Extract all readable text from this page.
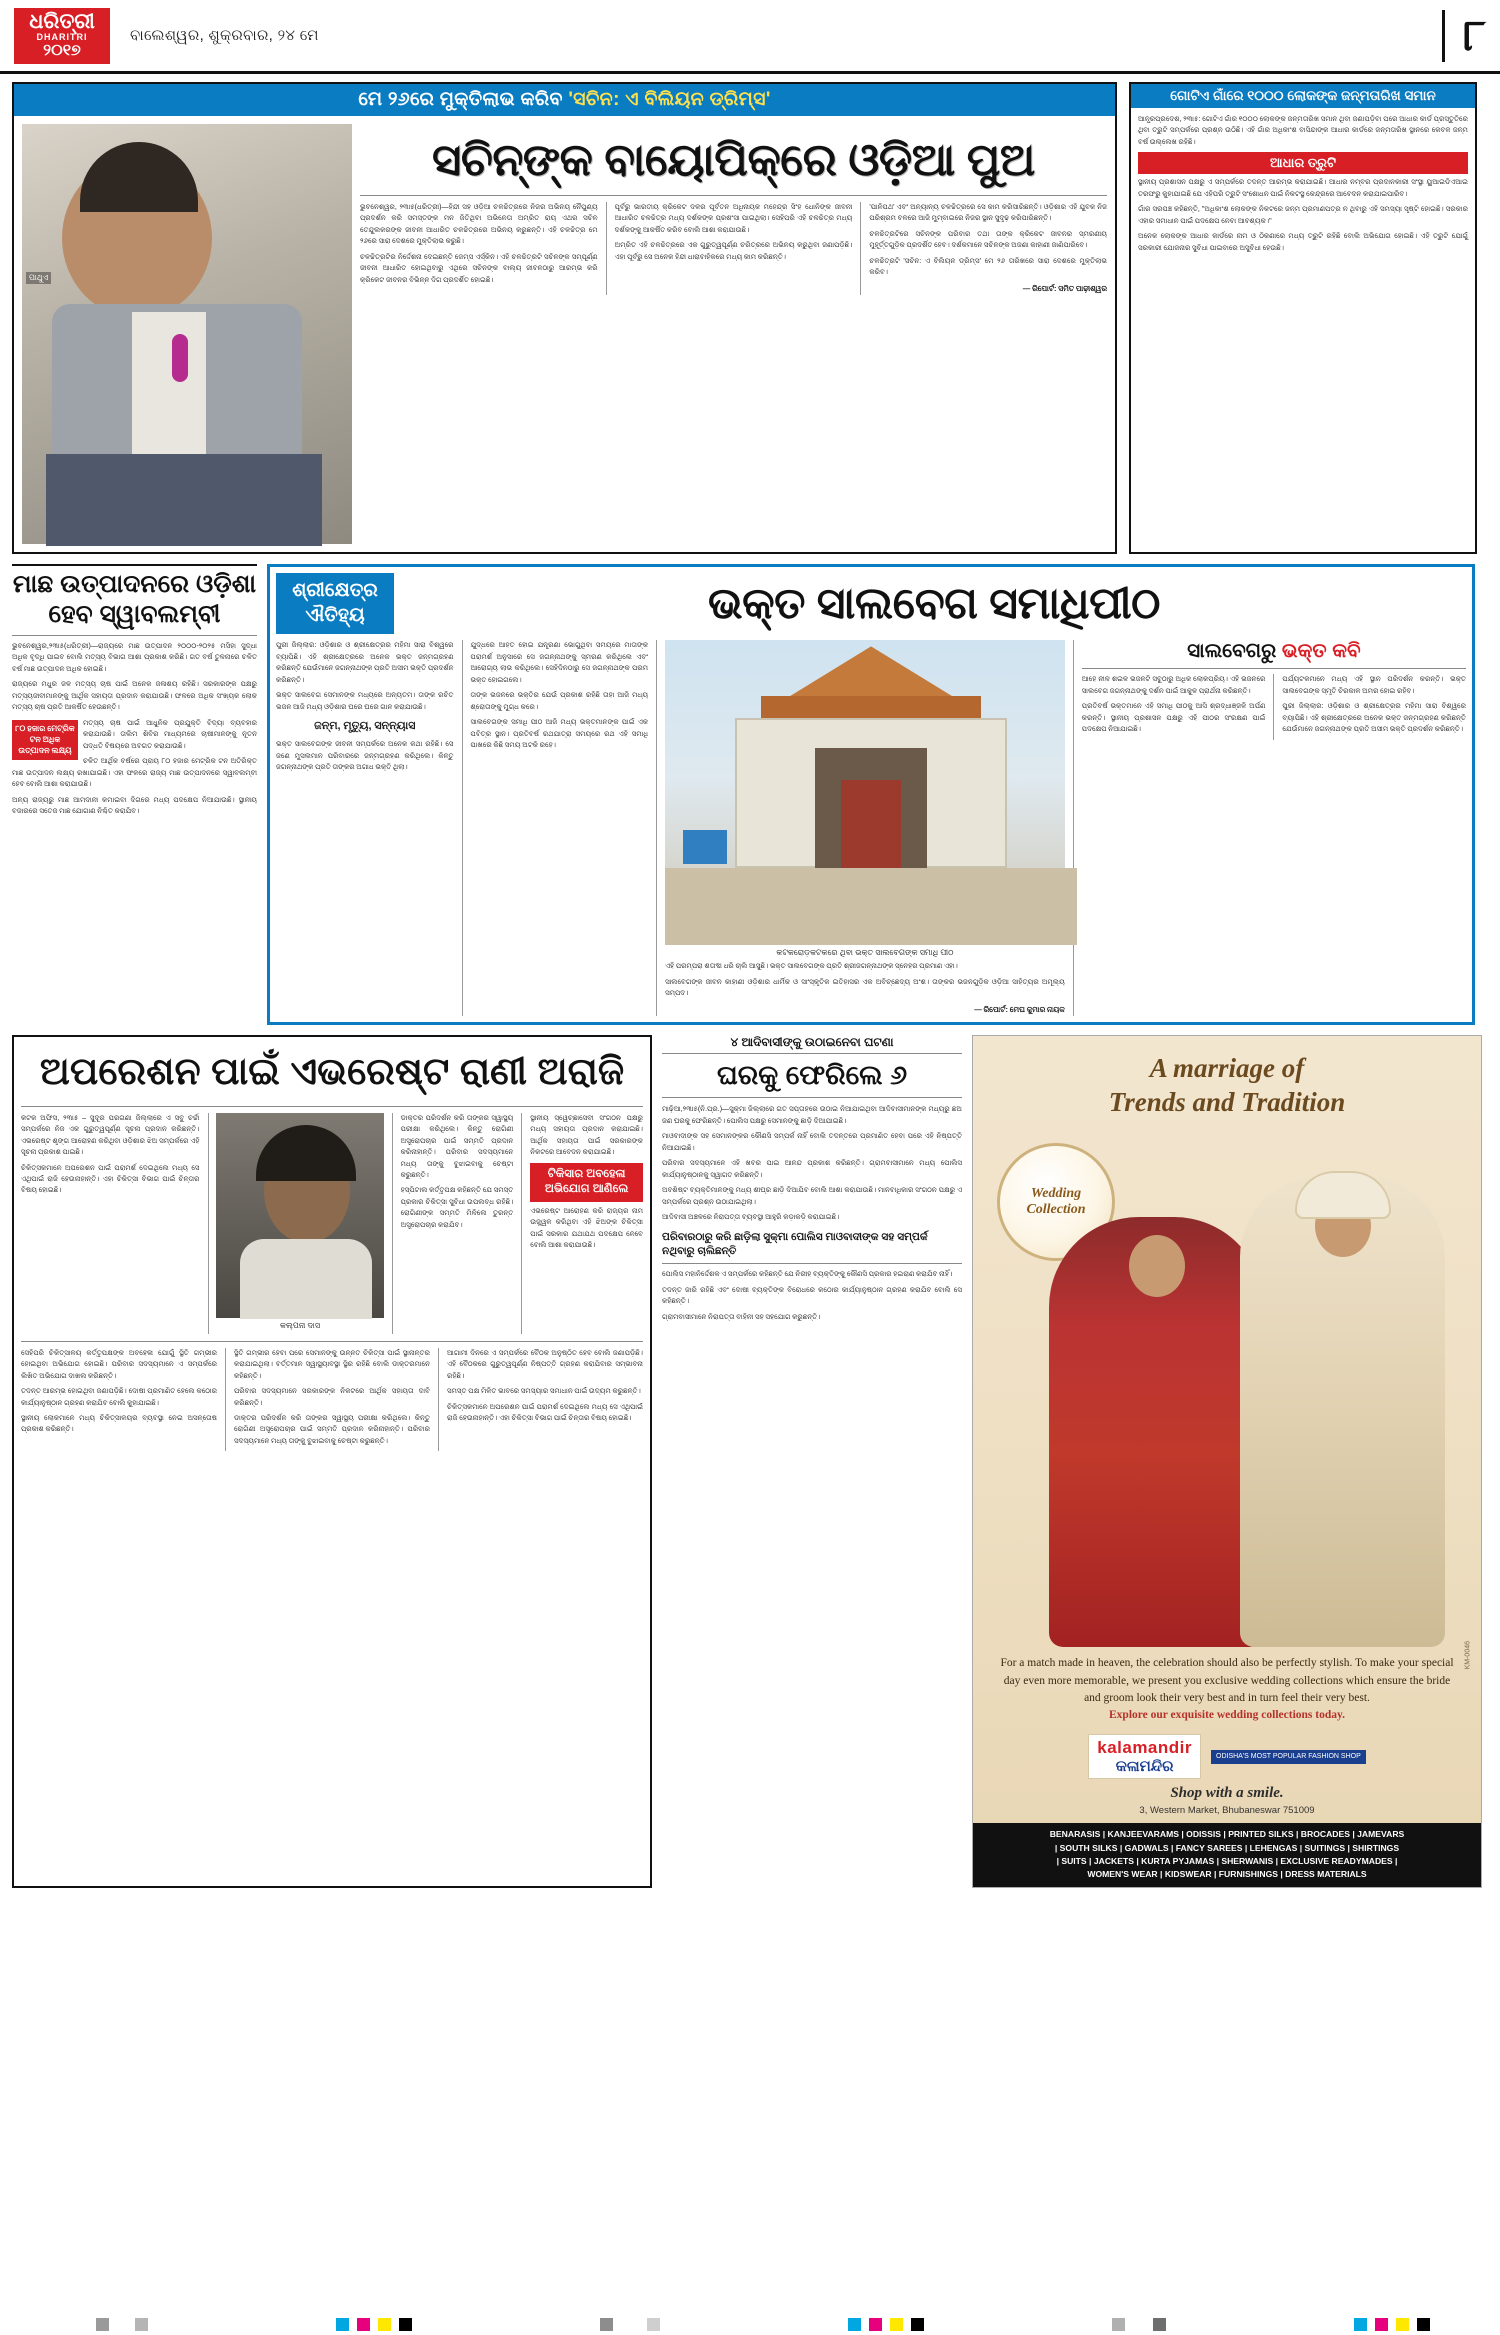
ଧରିତ୍ରୀ
DHARITRI
୨୦୧୭
ବାଲେଶ୍ୱର, ଶୁକ୍ରବାର, ୨୪ ମେ	୮
ମେ ୨୬ରେ ମୁକ୍ତିଲାଭ କରିବ 'ସଚିନ: ଏ ବିଲିୟନ ଡ୍ରିମ୍ସ'
ପାଥୁଏ
ସଚିନ୍‌ଙ୍କ ବାୟୋପିକ୍‌ରେ ଓଡ଼ିଆ ପୁଅ

ଭୁବନେଶ୍ୱର, ୨୩ା୫(ଧରିତ୍ରୀ)—ହିନ୍ଦୀ ସହ ଓଡ଼ିଆ ଚଳଚ୍ଚିତ୍ରରେ ନିଜର ଅଭିନୟ ନୈପୁଣ୍ୟ ପ୍ରଦର୍ଶନ କରି ସମସ୍ତଙ୍କ ମନ ଜିତିଥିବା ଅଭିନେତା ଅମ୍ରିତ ରାୟ ଏଥର ସଚିନ ତେନ୍ଦୁଲକରଙ୍କ ଜୀବନୀ ଆଧାରିତ ଚଳଚ୍ଚିତ୍ରରେ ଅଭିନୟ କରୁଛନ୍ତି। ଏହି ଚଳଚ୍ଚିତ୍ର ମେ ୨୬ରେ ସାରା ଦେଶରେ ମୁକ୍ତିଲାଭ କରୁଛି।

ଚଳଚ୍ଚିତ୍ରଟିର ନିର୍ଦ୍ଦେଶନା ଦେଇଛନ୍ତି ଜେମ୍ସ ଏର୍ସ୍କିନ। ଏହି ଚଳଚ୍ଚିତ୍ରଟି ସଚିନଙ୍କ ସମ୍ପୂର୍ଣ୍ଣ ଜୀବନୀ ଆଧାରିତ ହୋଇଥିବାରୁ ଏଥିରେ ସଚିନଙ୍କ ବାଲ୍ୟ ଜୀବନଠାରୁ ଆରମ୍ଭ କରି କ୍ରିକେଟ ଜୀବନର ବିଭିନ୍ନ ଦିଗ ପ୍ରଦର୍ଶିତ ହୋଇଛି।

ପୂର୍ବରୁ ଭାରତୀୟ କ୍ରିକେଟ ଦଳର ପୂର୍ବତନ ଅଧିନାୟକ ମହେନ୍ଦ୍ର ସିଂହ ଧୋନିଙ୍କ ଜୀବନୀ ଆଧାରିତ ଚଳଚ୍ଚିତ୍ର ମଧ୍ୟ ଦର୍ଶକଙ୍କ ପ୍ରଶଂସା ପାଇଥିଲା। ସେହିପରି ଏହି ଚଳଚ୍ଚିତ୍ର ମଧ୍ୟ ଦର୍ଶକଙ୍କୁ ଆକର୍ଷିତ କରିବ ବୋଲି ଆଶା କରାଯାଉଛି।

ଅମ୍ରିତ ଏହି ଚଳଚ୍ଚିତ୍ରରେ ଏକ ଗୁରୁତ୍ୱପୂର୍ଣ୍ଣ ଚରିତ୍ରରେ ଅଭିନୟ କରୁଥିବା ଜଣାପଡ଼ିଛି। ଏହା ପୂର୍ବରୁ ସେ ଅନେକ ହିନ୍ଦୀ ଧାରାବାହିକରେ ମଧ୍ୟ କାମ କରିଛନ୍ତି।

'ପାନିପଥ' ଏବଂ ଅନ୍ୟାନ୍ୟ ଚଳଚ୍ଚିତ୍ରରେ ସେ କାମ କରିସାରିଛନ୍ତି। ଓଡ଼ିଶାର ଏହି ଯୁବକ ନିଜ ପରିଶ୍ରମ ବଳରେ ଆଜି ମୁମ୍ବାଇରେ ନିଜର ସ୍ଥାନ ସୁଦୃଢ଼ କରିପାରିଛନ୍ତି।

ଚଳଚ୍ଚିତ୍ରଟିରେ ସଚିନଙ୍କ ପରିବାର ତଥା ତାଙ୍କ କ୍ରିକେଟ ଜୀବନର ସ୍ମରଣୀୟ ମୁହୂର୍ତ୍ତଗୁଡ଼ିକ ପ୍ରଦର୍ଶିତ ହେବ। ଦର୍ଶକମାନେ ସଚିନଙ୍କ ଅଜଣା କାହାଣୀ ଜାଣିପାରିବେ।

ଚଳଚ୍ଚିତ୍ରଟି 'ସଚିନ: ଏ ବିଲିୟନ ଡ୍ରିମ୍ସ' ମେ ୨୬ ତାରିଖରେ ସାରା ଦେଶରେ ମୁକ୍ତିଲାଭ କରିବ।

— ରିପୋର୍ଟ: ସମିତ ପାଢ଼ୀଶ୍ୱର
ଗୋଟିଏ ଗାଁରେ ୧୦୦୦ ଲୋକଙ୍କ ଜନ୍ମତାରିଖ ସମାନ

ଆନ୍ଧ୍ରପ୍ରଦେଶ, ୨୩ା୫: ଗୋଟିଏ ଗାଁର ୧୦୦୦ ଲୋକଙ୍କ ଜନ୍ମତାରିଖ ସମାନ ଥିବା ଜଣାପଡ଼ିବା ପରେ ଆଧାର କାର୍ଡ ପ୍ରସ୍ତୁତିରେ ଥିବା ତ୍ରୁଟି ସମ୍ପର୍କରେ ପ୍ରଶ୍ନ ଉଠିଛି। ଏହି ଗାଁର ଅଧିକାଂଶ ବାସିନ୍ଦାଙ୍କ ଆଧାର କାର୍ଡରେ ଜନ୍ମତାରିଖ ସ୍ଥାନରେ କେବଳ ଜନ୍ମ ବର୍ଷ ଉଲ୍ଲେଖ ରହିଛି।

ଆଧାର ତ୍ରୁଟି

ସ୍ଥାନୀୟ ପ୍ରଶାସନ ପକ୍ଷରୁ ଏ ସମ୍ପର୍କରେ ତଦନ୍ତ ଆରମ୍ଭ କରାଯାଇଛି। ଆଧାର ନମ୍ବର ପ୍ରଦାନକାରୀ ସଂସ୍ଥା ୟୁଆଇଡିଏଆଇ ତରଫରୁ କୁହାଯାଇଛି ଯେ ଏହିପରି ତ୍ରୁଟି ସଂଶୋଧନ ପାଇଁ ନିକଟସ୍ଥ କେନ୍ଦ୍ରରେ ଆବେଦନ କରାଯାଇପାରିବ।

ଗାଁର ସରପଞ୍ଚ କହିଛନ୍ତି, "ଅଧିକାଂଶ ଲୋକଙ୍କ ନିକଟରେ ଜନ୍ମ ପ୍ରମାଣପତ୍ର ନ ଥିବାରୁ ଏହି ସମସ୍ୟା ସୃଷ୍ଟି ହୋଇଛି। ସରକାର ଏହାର ସମାଧାନ ପାଇଁ ପଦକ୍ଷେପ ନେବା ଆବଶ୍ୟକ।"

ଅନେକ ଲୋକଙ୍କ ଆଧାର କାର୍ଡରେ ନାମ ଓ ଠିକଣାରେ ମଧ୍ୟ ତ୍ରୁଟି ରହିଛି ବୋଲି ଅଭିଯୋଗ ହୋଇଛି। ଏହି ତ୍ରୁଟି ଯୋଗୁଁ ସରକାରୀ ଯୋଜନାର ସୁବିଧା ପାଇବାରେ ଅସୁବିଧା ହେଉଛି।

ମାଛ ଉତ୍ପାଦନରେ ଓଡ଼ିଶା ହେବ ସ୍ୱାବଲମ୍ବୀ

ଭୁବନେଶ୍ୱର,୨୩ା୫(ଧରିତ୍ରୀ)—ରାଜ୍ୟରେ ମାଛ ଉତ୍ପାଦନ ୨୦୦୦-୨୦୨୫ ମସିହା ସୁଦ୍ଧା ଅଧିକ ବୃଦ୍ଧି ପାଇବ ବୋଲି ମତ୍ସ୍ୟ ବିଭାଗ ଆଶା ପ୍ରକାଶ କରିଛି। ଗତ ବର୍ଷ ତୁଳନାରେ ଚଳିତ ବର୍ଷ ମାଛ ଉତ୍ପାଦନ ଅଧିକ ହୋଇଛି।

ରାଜ୍ୟରେ ମଧୁର ଜଳ ମତ୍ସ୍ୟ ଚାଷ ପାଇଁ ଅନେକ ଜଳାଶୟ ରହିଛି। ସରକାରଙ୍କ ପକ୍ଷରୁ ମତ୍ସ୍ୟଜୀବୀମାନଙ୍କୁ ଆର୍ଥିକ ସହାୟତା ପ୍ରଦାନ କରାଯାଉଛି। ଫଳରେ ଅଧିକ ସଂଖ୍ୟକ ଲୋକ ମତ୍ସ୍ୟ ଚାଷ ପ୍ରତି ଆକର୍ଷିତ ହେଉଛନ୍ତି।

୮୦ ହଜାର ମେଟ୍ରିକ ଟନ ଅଧିକ ଉତ୍ପାଦନ ଲକ୍ଷ୍ୟ

ମତ୍ସ୍ୟ ଚାଷ ପାଇଁ ଆଧୁନିକ ପ୍ରଯୁକ୍ତି ବିଦ୍ୟା ବ୍ୟବହାର କରାଯାଉଛି। ତାଲିମ ଶିବିର ମାଧ୍ୟମରେ ଚାଷୀମାନଙ୍କୁ ନୂତନ ପଦ୍ଧତି ବିଷୟରେ ଅବଗତ କରାଯାଉଛି।

ଚଳିତ ଆର୍ଥିକ ବର୍ଷରେ ପ୍ରାୟ ୮୦ ହଜାର ମେଟ୍ରିକ ଟନ ଅତିରିକ୍ତ ମାଛ ଉତ୍ପାଦନ ଲକ୍ଷ୍ୟ ରଖାଯାଇଛି। ଏହା ଫଳରେ ରାଜ୍ୟ ମାଛ ଉତ୍ପାଦନରେ ସ୍ୱାବଲମ୍ବୀ ହେବ ବୋଲି ଆଶା କରାଯାଉଛି।

ଅନ୍ୟ ରାଜ୍ୟରୁ ମାଛ ଆମଦାନୀ କମାଇବା ଦିଗରେ ମଧ୍ୟ ପଦକ୍ଷେପ ନିଆଯାଉଛି। ସ୍ଥାନୀୟ ବଜାରରେ ସତେଜ ମାଛ ଯୋଗାଣ ନିଶ୍ଚିତ କରାଯିବ।

ଶ୍ରୀକ୍ଷେତ୍ର
ଐତିହ୍ୟ	ଭକ୍ତ ସାଲବେଗ ସମାଧିପୀଠ

ପୁରୀ ଜିଲ୍ଲାର: ଓଡ଼ିଶାର ଓ ଶ୍ରୀକ୍ଷେତ୍ରର ମହିମା ସାରା ବିଶ୍ୱରେ ବ୍ୟାପିଛି। ଏହି ଶ୍ରୀକ୍ଷେତ୍ରରେ ଅନେକ ଭକ୍ତ ଜନ୍ମଗ୍ରହଣ କରିଛନ୍ତି ଯେଉଁମାନେ ଜଗନ୍ନାଥଙ୍କ ପ୍ରତି ଅସୀମ ଭକ୍ତି ପ୍ରଦର୍ଶନ କରିଛନ୍ତି।

ଭକ୍ତ ସାଲବେଗ ସେମାନଙ୍କ ମଧ୍ୟରେ ଅନ୍ୟତମ। ତାଙ୍କ ରଚିତ ଭଜନ ଆଜି ମଧ୍ୟ ଓଡ଼ିଶାର ଘରେ ଘରେ ଗାନ କରାଯାଉଛି।

ଜନ୍ମ, ମୃତ୍ୟୁ, ସନ୍ନ୍ୟାସ

ଭକ୍ତ ସାଲବେଗଙ୍କ ଜୀବନୀ ସମ୍ପର୍କରେ ଅନେକ କଥା ରହିଛି। ସେ ଜଣେ ମୁସଲମାନ ପରିବାରରେ ଜନ୍ମଗ୍ରହଣ କରିଥିଲେ। କିନ୍ତୁ ଜଗନ୍ନାଥଙ୍କ ପ୍ରତି ତାଙ୍କର ଅଗାଧ ଭକ୍ତି ଥିଲା।

ଯୁଦ୍ଧରେ ଆହତ ହୋଇ ଯନ୍ତ୍ରଣା ଭୋଗୁଥିବା ସମୟରେ ମାତାଙ୍କ ପରାମର୍ଶ ଅନୁସାରେ ସେ ଜଗନ୍ନାଥଙ୍କୁ ସ୍ମରଣ କରିଥିଲେ ଏବଂ ଆରୋଗ୍ୟ ଲାଭ କରିଥିଲେ। ସେହିଦିନଠାରୁ ସେ ଜଗନ୍ନାଥଙ୍କ ପରମ ଭକ୍ତ ହୋଇଗଲେ।

ତାଙ୍କ ଭଜନରେ ଭକ୍ତିର ଯେଉଁ ପ୍ରକାଶ ରହିଛି ତାହା ଆଜି ମଧ୍ୟ ଶ୍ରୋତାଙ୍କୁ ମୁଗ୍ଧ କରେ।

ସାଲବେଗଙ୍କ ସମାଧି ପୀଠ ଆଜି ମଧ୍ୟ ଭକ୍ତମାନଙ୍କ ପାଇଁ ଏକ ପବିତ୍ର ସ୍ଥାନ। ପ୍ରତିବର୍ଷ ରଥଯାତ୍ରା ସମୟରେ ରଥ ଏହି ସମାଧି ପାଖରେ କିଛି ସମୟ ଅଟକି ରହେ।

କଟକରୋଡ଼କଟକରେ ଥିବା ଭକ୍ତ ସାଲବେଗଙ୍କ ସମାଧି ପୀଠ

ଏହି ପରମ୍ପରା ଶତାବ୍ଦୀ ଧରି ଚାଲି ଆସୁଛି। ଭକ୍ତ ସାଲବେଗଙ୍କ ପ୍ରତି ଶ୍ରୀଜଗନ୍ନାଥଙ୍କ ସ୍ନେହର ପ୍ରମାଣ ଏହା।

ସାଲବେଗଙ୍କ ଜୀବନ କାହାଣୀ ଓଡ଼ିଶାର ଧାର୍ମିକ ଓ ସାଂସ୍କୃତିକ ଇତିହାସର ଏକ ଅବିଚ୍ଛେଦ୍ୟ ଅଂଶ। ତାଙ୍କର ଭଜନଗୁଡ଼ିକ ଓଡ଼ିଆ ସାହିତ୍ୟର ଅମୂଲ୍ୟ ସମ୍ପଦ।

— ରିପୋର୍ଟ: ମେଘ କୁମାର ନାୟକ
ସାଲବେଗରୁ ଭକ୍ତ କବି

ଆହେ ନୀଳ ଶଇଳ ଭଜନଟି ସବୁଠାରୁ ଅଧିକ ଲୋକପ୍ରିୟ। ଏହି ଭଜନରେ ସାଲବେଗ ଜଗନ୍ନାଥଙ୍କୁ ଦର୍ଶନ ପାଇଁ ଆକୁଳ ପ୍ରାର୍ଥନା କରିଛନ୍ତି।

ପ୍ରତିବର୍ଷ ଭକ୍ତମାନେ ଏହି ସମାଧି ପୀଠକୁ ଆସି ଶ୍ରଦ୍ଧାଞ୍ଜଳି ଅର୍ପଣ କରନ୍ତି। ସ୍ଥାନୀୟ ପ୍ରଶାସନ ପକ୍ଷରୁ ଏହି ପୀଠର ସଂରକ୍ଷଣ ପାଇଁ ପଦକ୍ଷେପ ନିଆଯାଇଛି।

ପର୍ଯ୍ୟଟକମାନେ ମଧ୍ୟ ଏହି ସ୍ଥାନ ପରିଦର୍ଶନ କରନ୍ତି। ଭକ୍ତ ସାଲବେଗଙ୍କ ସ୍ମୃତି ଚିରକାଳ ଅମର ହୋଇ ରହିବ।

ପୁରୀ ଜିଲ୍ଲାର: ଓଡ଼ିଶାର ଓ ଶ୍ରୀକ୍ଷେତ୍ରର ମହିମା ସାରା ବିଶ୍ୱରେ ବ୍ୟାପିଛି। ଏହି ଶ୍ରୀକ୍ଷେତ୍ରରେ ଅନେକ ଭକ୍ତ ଜନ୍ମଗ୍ରହଣ କରିଛନ୍ତି ଯେଉଁମାନେ ଜଗନ୍ନାଥଙ୍କ ପ୍ରତି ଅସୀମ ଭକ୍ତି ପ୍ରଦର୍ଶନ କରିଛନ୍ତି।

ଅପରେଶନ ପାଇଁ ଏଭରେଷ୍ଟ ରାଣୀ ଅରାଜି

କଟକ ଅଫିସ, ୨୩ା୫ – ସୁଦୂର ପରଗଣା ଜିଲ୍ଲାରେ ଏ ସବୁ ଚର୍ଚ୍ଚା ସମ୍ପର୍କରେ ନିଜ ଏକ ଗୁରୁତ୍ୱପୂର୍ଣ୍ଣ ସୂଚନା ପ୍ରଦାନ କରିଛନ୍ତି। ଏଭରେଷ୍ଟ ଶୃଙ୍ଗ ଆରୋହଣ କରିଥିବା ଓଡ଼ିଶାର ଝିଅ ସମ୍ପର୍କରେ ଏହି ସୂଚନା ପ୍ରକାଶ ପାଇଛି।

ଚିକିତ୍ସକମାନେ ଅପରେଶନ ପାଇଁ ପରାମର୍ଶ ଦେଇଥିଲେ ମଧ୍ୟ ସେ ଏଥିପାଇଁ ରାଜି ହେଉନାହାନ୍ତି। ଏହା ଚିକିତ୍ସା ବିଭାଗ ପାଇଁ ଚିନ୍ତାର ବିଷୟ ହୋଇଛି।

କଲ୍ପନା ଦାସ

ଡାକ୍ତର ପରିଦର୍ଶନ କରି ତାଙ୍କର ସ୍ୱାସ୍ଥ୍ୟ ପରୀକ୍ଷା କରିଥିଲେ। କିନ୍ତୁ ରୋଗିଣୀ ଅସ୍ତ୍ରୋପଚାର ପାଇଁ ସମ୍ମତି ପ୍ରଦାନ କରିନାହାନ୍ତି। ପରିବାର ସଦସ୍ୟମାନେ ମଧ୍ୟ ତାଙ୍କୁ ବୁଝାଇବାକୁ ଚେଷ୍ଟା କରୁଛନ୍ତି।

ହସ୍ପିଟାଲ କର୍ତ୍ତୃପକ୍ଷ କହିଛନ୍ତି ଯେ ସମସ୍ତ ପ୍ରକାର ଚିକିତ୍ସା ସୁବିଧା ଉପଲବ୍ଧ ରହିଛି। ରୋଗିଣୀଙ୍କ ସମ୍ମତି ମିଳିଲେ ତୁରନ୍ତ ଅସ୍ତ୍ରୋପଚାର କରାଯିବ।

ସ୍ଥାନୀୟ ସ୍ୱେଚ୍ଛାସେବୀ ସଂଗଠନ ପକ୍ଷରୁ ମଧ୍ୟ ସହାୟତା ପ୍ରଦାନ କରାଯାଇଛି। ଆର୍ଥିକ ସହାୟତା ପାଇଁ ସରକାରଙ୍କ ନିକଟରେ ଆବେଦନ କରାଯାଇଛି।

ଟିକିସାର ଅବହେଳା ଅଭିଯୋଗ ଆଣିଲେ

ଏଭରେଷ୍ଟ ଆରୋହଣ କରି ରାଜ୍ୟର ନାମ ଉଜ୍ଜ୍ୱଳ କରିଥିବା ଏହି ଝିଅଙ୍କ ଚିକିତ୍ସା ପାଇଁ ସରକାର ଯଥାଯଥ ପଦକ୍ଷେପ ନେବେ ବୋଲି ଆଶା କରାଯାଉଛି।

ସେହିପରି ଚିକିତ୍ସାଳୟ କର୍ତ୍ତୃପକ୍ଷଙ୍କ ଅବହେଳା ଯୋଗୁଁ ସ୍ଥିତି ଗମ୍ଭୀର ହୋଇଥିବା ଅଭିଯୋଗ ହୋଇଛି। ପରିବାର ସଦସ୍ୟମାନେ ଏ ସମ୍ପର୍କରେ ଲିଖିତ ଅଭିଯୋଗ ଦାଖଲ କରିଛନ୍ତି।

ତଦନ୍ତ ଆରମ୍ଭ ହୋଇଥିବା ଜଣାପଡ଼ିଛି। ଦୋଷୀ ପ୍ରମାଣିତ ହେଲେ କଠୋର କାର୍ଯ୍ୟାନୁଷ୍ଠାନ ଗ୍ରହଣ କରାଯିବ ବୋଲି କୁହାଯାଇଛି।

ସ୍ଥାନୀୟ ଲୋକମାନେ ମଧ୍ୟ ଚିକିତ୍ସାଳୟର ବ୍ୟବସ୍ଥା ନେଇ ଅସନ୍ତୋଷ ପ୍ରକାଶ କରିଛନ୍ତି।

ସ୍ଥିତି ଗମ୍ଭୀର ହେବା ପରେ ସେମାନଙ୍କୁ ଉନ୍ନତ ଚିକିତ୍ସା ପାଇଁ ସ୍ଥାନାନ୍ତର କରାଯାଇଥିଲା। ବର୍ତ୍ତମାନ ସ୍ୱାସ୍ଥ୍ୟାବସ୍ଥା ସ୍ଥିର ରହିଛି ବୋଲି ଡାକ୍ତରମାନେ କହିଛନ୍ତି।

ପରିବାର ସଦସ୍ୟମାନେ ସରକାରଙ୍କ ନିକଟରେ ଆର୍ଥିକ ସହାୟତା ଦାବି କରିଛନ୍ତି।

ଡାକ୍ତର ପରିଦର୍ଶନ କରି ତାଙ୍କର ସ୍ୱାସ୍ଥ୍ୟ ପରୀକ୍ଷା କରିଥିଲେ। କିନ୍ତୁ ରୋଗିଣୀ ଅସ୍ତ୍ରୋପଚାର ପାଇଁ ସମ୍ମତି ପ୍ରଦାନ କରିନାହାନ୍ତି। ପରିବାର ସଦସ୍ୟମାନେ ମଧ୍ୟ ତାଙ୍କୁ ବୁଝାଇବାକୁ ଚେଷ୍ଟା କରୁଛନ୍ତି।

ଆଗାମୀ ଦିନରେ ଏ ସମ୍ପର୍କରେ ବୈଠକ ଅନୁଷ୍ଠିତ ହେବ ବୋଲି ଜଣାପଡ଼ିଛି। ଏହି ବୈଠକରେ ଗୁରୁତ୍ୱପୂର୍ଣ୍ଣ ନିଷ୍ପତ୍ତି ଗ୍ରହଣ କରାଯିବାର ସମ୍ଭାବନା ରହିଛି।

ସମସ୍ତ ପକ୍ଷ ମିଳିତ ଭାବରେ ସମସ୍ୟାର ସମାଧାନ ପାଇଁ ଉଦ୍ୟମ କରୁଛନ୍ତି।

ଚିକିତ୍ସକମାନେ ଅପରେଶନ ପାଇଁ ପରାମର୍ଶ ଦେଇଥିଲେ ମଧ୍ୟ ସେ ଏଥିପାଇଁ ରାଜି ହେଉନାହାନ୍ତି। ଏହା ଚିକିତ୍ସା ବିଭାଗ ପାଇଁ ଚିନ୍ତାର ବିଷୟ ହୋଇଛି।

୪ ଆଦିବାସୀଙ୍କୁ ଉଠାଇନେବା ଘଟଣା
ଘରକୁ ଫେରିଲେ ୬

ମାଢ଼ିଆ,୨୩ା୫(ନି.ପ୍ର.)—ସୁକ୍ମା ଜିଲ୍ଲାରେ ଗତ ସପ୍ତାହରେ ଉଠାଇ ନିଆଯାଇଥିବା ଆଦିବାସୀମାନଙ୍କ ମଧ୍ୟରୁ ଛଅ ଜଣ ଘରକୁ ଫେରିଛନ୍ତି। ପୋଲିସ ପକ୍ଷରୁ ସେମାନଙ୍କୁ ଛାଡ଼ି ଦିଆଯାଇଛି।

ମାଓବାଦୀଙ୍କ ସହ ସେମାନଙ୍କର କୌଣସି ସମ୍ପର୍କ ନାହିଁ ବୋଲି ତଦନ୍ତରେ ପ୍ରମାଣିତ ହେବା ପରେ ଏହି ନିଷ୍ପତ୍ତି ନିଆଯାଇଛି।

ପରିବାର ସଦସ୍ୟମାନେ ଏହି ଖବର ପାଇ ଆନନ୍ଦ ପ୍ରକାଶ କରିଛନ୍ତି। ଗ୍ରାମବାସୀମାନେ ମଧ୍ୟ ପୋଲିସ କାର୍ଯ୍ୟାନୁଷ୍ଠାନକୁ ସ୍ୱାଗତ କରିଛନ୍ତି।

ଅବଶିଷ୍ଟ ବ୍ୟକ୍ତିମାନଙ୍କୁ ମଧ୍ୟ ଶୀଘ୍ର ଛାଡ଼ି ଦିଆଯିବ ବୋଲି ଆଶା କରାଯାଉଛି। ମାନବାଧିକାର ସଂଗଠନ ପକ୍ଷରୁ ଏ ସମ୍ପର୍କରେ ପ୍ରଶ୍ନ ଉଠାଯାଇଥିଲା।

ଆଦିବାସୀ ଅଞ୍ଚଳରେ ନିରାପତ୍ତା ବ୍ୟବସ୍ଥା ଆହୁରି କଡ଼ାକଡ଼ି କରାଯାଇଛି।

ପରିବାରଠାରୁ କରି ଛାଡ଼ିଲା ସୁକ୍ମା ପୋଲିସ ମାଓବାଦୀଙ୍କ ସହ ସମ୍ପର୍କ ନଥିବାରୁ ଚାଲିଛନ୍ତି

ପୋଲିସ ମହାନିର୍ଦ୍ଦେଶକ ଏ ସମ୍ପର୍କରେ କହିଛନ୍ତି ଯେ ନିରୀହ ବ୍ୟକ୍ତିଙ୍କୁ କୌଣସି ପ୍ରକାର ହଇରାଣ କରାଯିବ ନାହିଁ।

ତଦନ୍ତ ଜାରି ରହିଛି ଏବଂ ଦୋଷୀ ବ୍ୟକ୍ତିଙ୍କ ବିରୋଧରେ କଠୋର କାର୍ଯ୍ୟାନୁଷ୍ଠାନ ଗ୍ରହଣ କରାଯିବ ବୋଲି ସେ କହିଛନ୍ତି।

ଗ୍ରାମବାସୀମାନେ ନିରାପତ୍ତା ବାହିନୀ ସହ ସହଯୋଗ କରୁଛନ୍ତି।

A marriage of
Trends and Tradition
Wedding
Collection
KM-0046
For a match made in heaven, the celebration should also be perfectly stylish. To make your special day even more memorable, we present you exclusive wedding collections which ensure the bride and groom look their very best and in turn feel their very best.
Explore our exquisite wedding collections today.
kalamandir
କଳାମନ୍ଦିର
ODISHA'S MOST POPULAR FASHION SHOP
Shop with a smile.
3, Western Market, Bhubaneswar 751009
BENARASIS | KANJEEVARAMS | ODISSIS | PRINTED SILKS | BROCADES | JAMEVARS
| SOUTH SILKS | GADWALS | FANCY SAREES | LEHENGAS | SUITINGS | SHIRTINGS
| SUITS | JACKETS | KURTA PYJAMAS | SHERWANIS | EXCLUSIVE READYMADES |
WOMEN'S WEAR | KIDSWEAR | FURNISHINGS | DRESS MATERIALS
